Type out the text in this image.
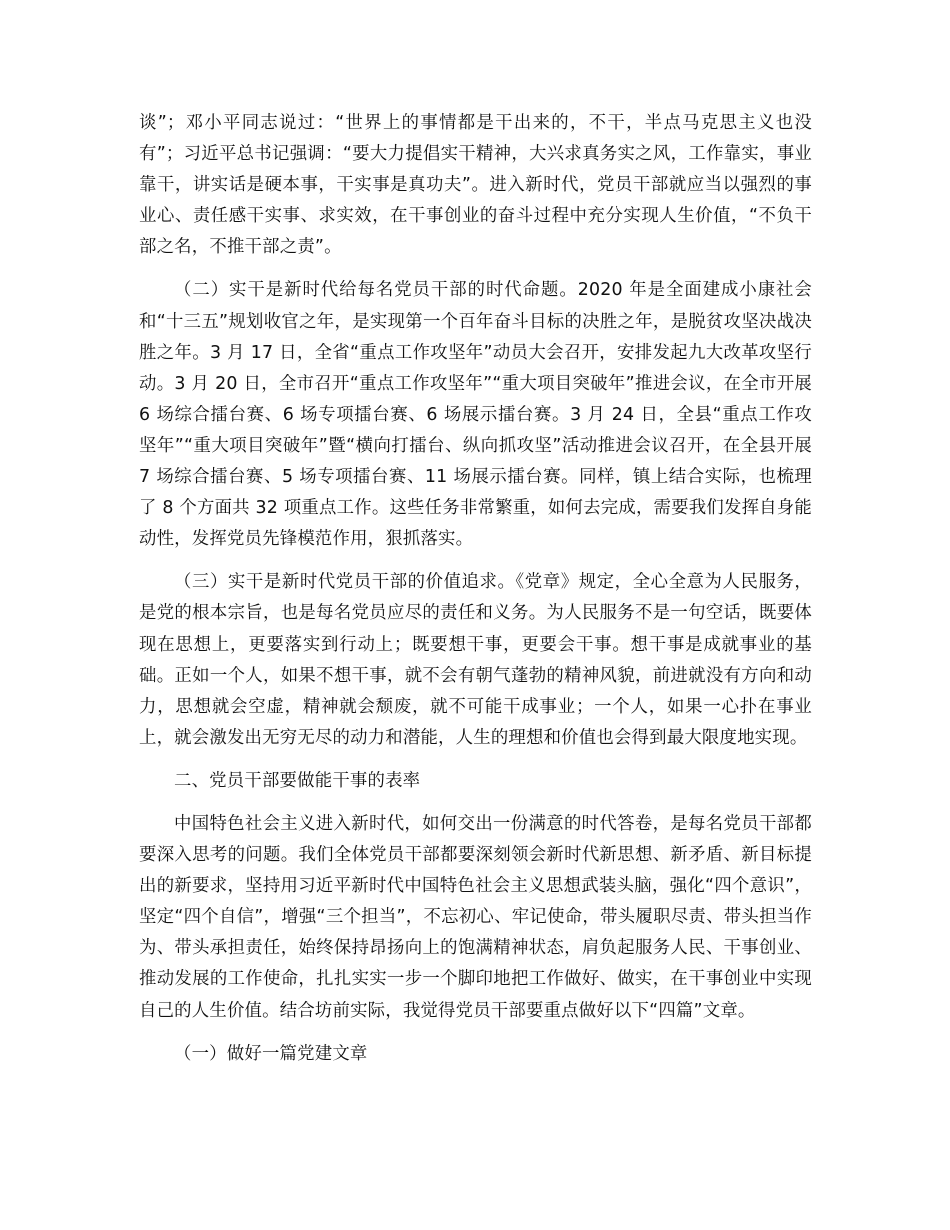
谈”；邓小平同志说过：“世界上的事情都是干出来的，不干，半点马克思主义也没有”；习近平总书记强调：“要大力提倡实干精神，大兴求真务实之风，工作靠实，事业靠干，讲实话是硬本事，干实事是真功夫”。进入新时代，党员干部就应当以强烈的事业心、责任感干实事、求实效，在干事创业的奋斗过程中充分实现人生价值，“不负干部之名，不推干部之责”。

（二）实干是新时代给每名党员干部的时代命题。2020 年是全面建成小康社会和“十三五”规划收官之年，是实现第一个百年奋斗目标的决胜之年，是脱贫攻坚决战决胜之年。3 月 17 日，全省“重点工作攻坚年”动员大会召开，安排发起九大改革攻坚行动。3 月 20 日，全市召开“重点工作攻坚年”“重大项目突破年”推进会议，在全市开展 6 场综合擂台赛、6 场专项擂台赛、6 场展示擂台赛。3 月 24 日，全县“重点工作攻坚年”“重大项目突破年”暨“横向打擂台、纵向抓攻坚”活动推进会议召开，在全县开展 7 场综合擂台赛、5 场专项擂台赛、11 场展示擂台赛。同样，镇上结合实际，也梳理了 8 个方面共 32 项重点工作。这些任务非常繁重，如何去完成，需要我们发挥自身能动性，发挥党员先锋模范作用，狠抓落实。

（三）实干是新时代党员干部的价值追求。《党章》规定，全心全意为人民服务，是党的根本宗旨，也是每名党员应尽的责任和义务。为人民服务不是一句空话，既要体现在思想上，更要落实到行动上；既要想干事，更要会干事。想干事是成就事业的基础。正如一个人，如果不想干事，就不会有朝气蓬勃的精神风貌，前进就没有方向和动力，思想就会空虚，精神就会颓废，就不可能干成事业；一个人，如果一心扑在事业上，就会激发出无穷无尽的动力和潜能，人生的理想和价值也会得到最大限度地实现。

二、党员干部要做能干事的表率

中国特色社会主义进入新时代，如何交出一份满意的时代答卷，是每名党员干部都要深入思考的问题。我们全体党员干部都要深刻领会新时代新思想、新矛盾、新目标提出的新要求，坚持用习近平新时代中国特色社会主义思想武装头脑，强化“四个意识”，坚定“四个自信”，增强“三个担当”，不忘初心、牢记使命，带头履职尽责、带头担当作为、带头承担责任，始终保持昂扬向上的饱满精神状态，肩负起服务人民、干事创业、推动发展的工作使命，扎扎实实一步一个脚印地把工作做好、做实，在干事创业中实现自己的人生价值。结合坊前实际，我觉得党员干部要重点做好以下“四篇”文章。

（一）做好一篇党建文章
